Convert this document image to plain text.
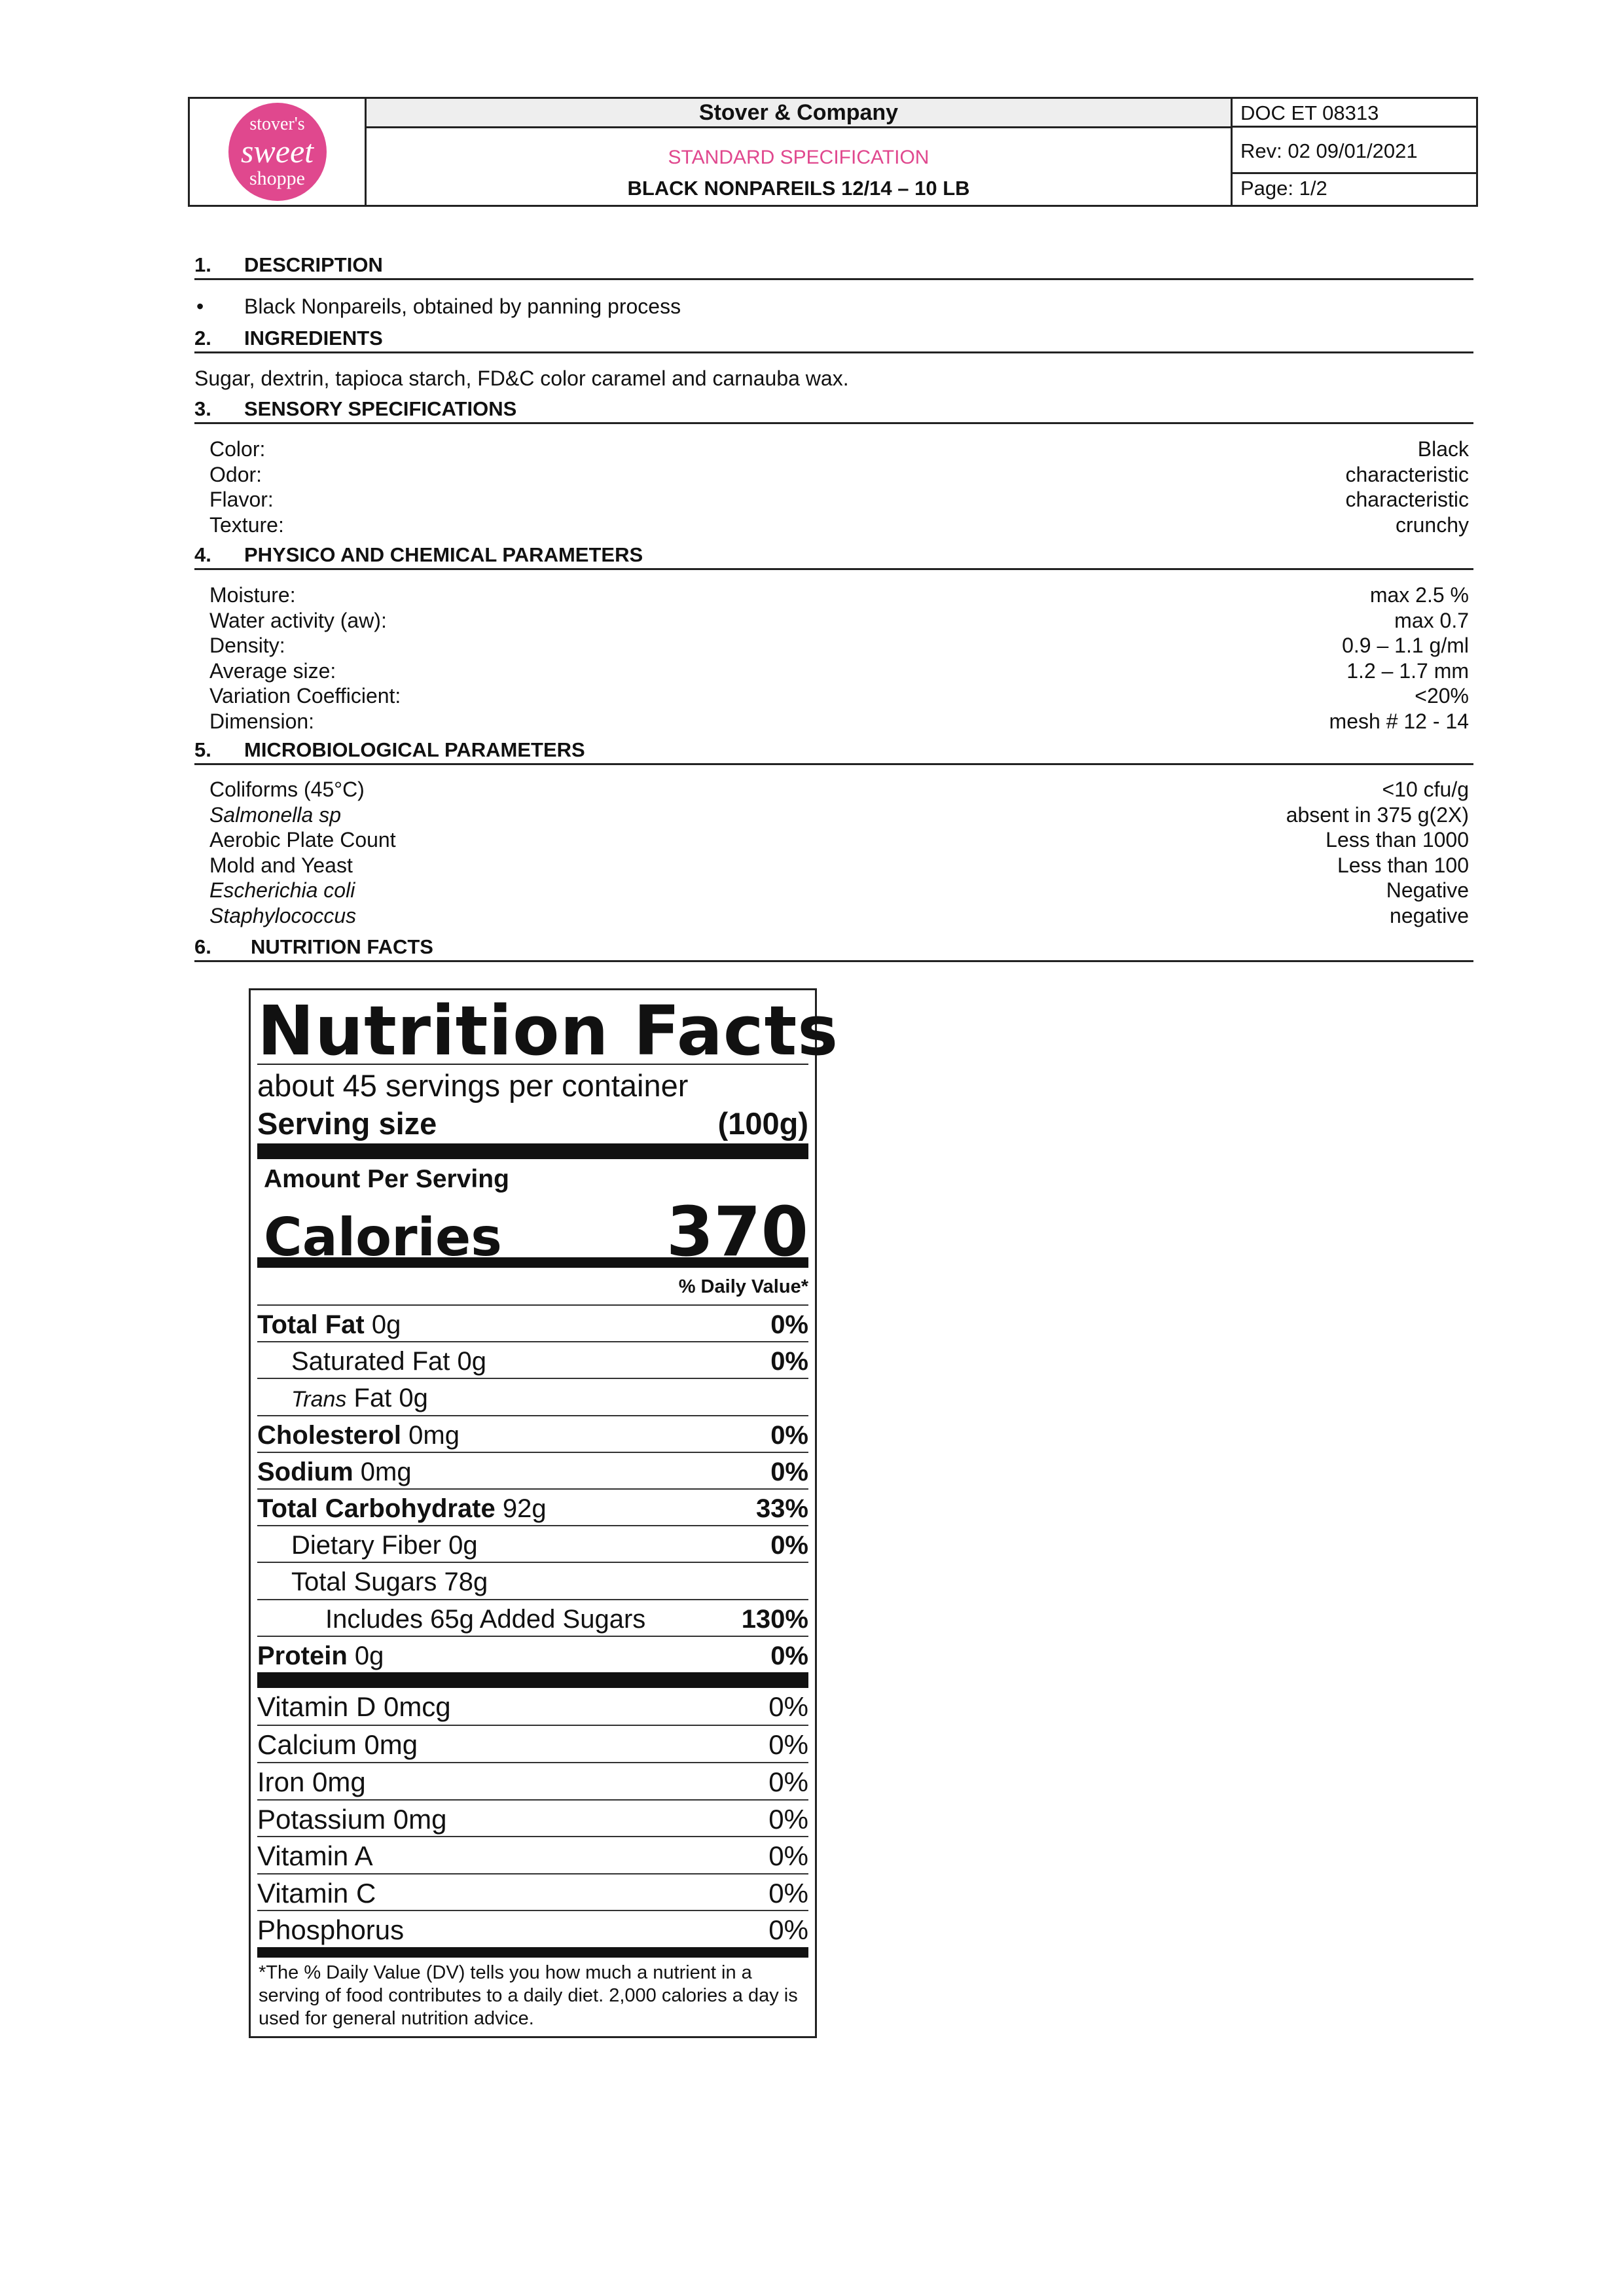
stover's
sweet
shoppe
Stover & Company
STANDARD SPECIFICATION
BLACK NONPAREILS 12/14 – 10 LB
DOC ET 08313
Rev: 02 09/01/2021
Page: 1/2
1. DESCRIPTION
• Black Nonpareils, obtained by panning process
2. INGREDIENTS
Sugar, dextrin, tapioca starch, FD&C color caramel and carnauba wax.
3. SENSORY SPECIFICATIONS
Color:	Black
Odor:	characteristic
Flavor:	characteristic
Texture:	crunchy
4. PHYSICO AND CHEMICAL PARAMETERS
Moisture:	max 2.5 %
Water activity (aw):	max 0.7
Density:	0.9 – 1.1 g/ml
Average size:	1.2 – 1.7 mm
Variation Coefficient:	<20%
Dimension:	mesh # 12 - 14
5. MICROBIOLOGICAL PARAMETERS
Coliforms (45°C)	<10 cfu/g
Salmonella sp	absent in 375 g(2X)
Aerobic Plate Count	Less than 1000
Mold and Yeast	Less than 100
Escherichia coli	Negative
Staphylococcus	negative
6. NUTRITION FACTS
Nutrition Facts
about 45 servings per container
Serving size	(100g)
Amount Per Serving
Calories 370
% Daily Value*
Total Fat 0g	0%
Saturated Fat 0g	0%
Trans Fat 0g
Cholesterol 0mg	0%
Sodium 0mg	0%
Total Carbohydrate 92g	33%
Dietary Fiber 0g	0%
Total Sugars 78g
Includes 65g Added Sugars	130%
Protein 0g	0%
Vitamin D 0mcg	0%
Calcium 0mg	0%
Iron 0mg	0%
Potassium 0mg	0%
Vitamin A	0%
Vitamin C	0%
Phosphorus	0%
*The % Daily Value (DV) tells you how much a nutrient in a serving of food contributes to a daily diet. 2,000 calories a day is used for general nutrition advice.
